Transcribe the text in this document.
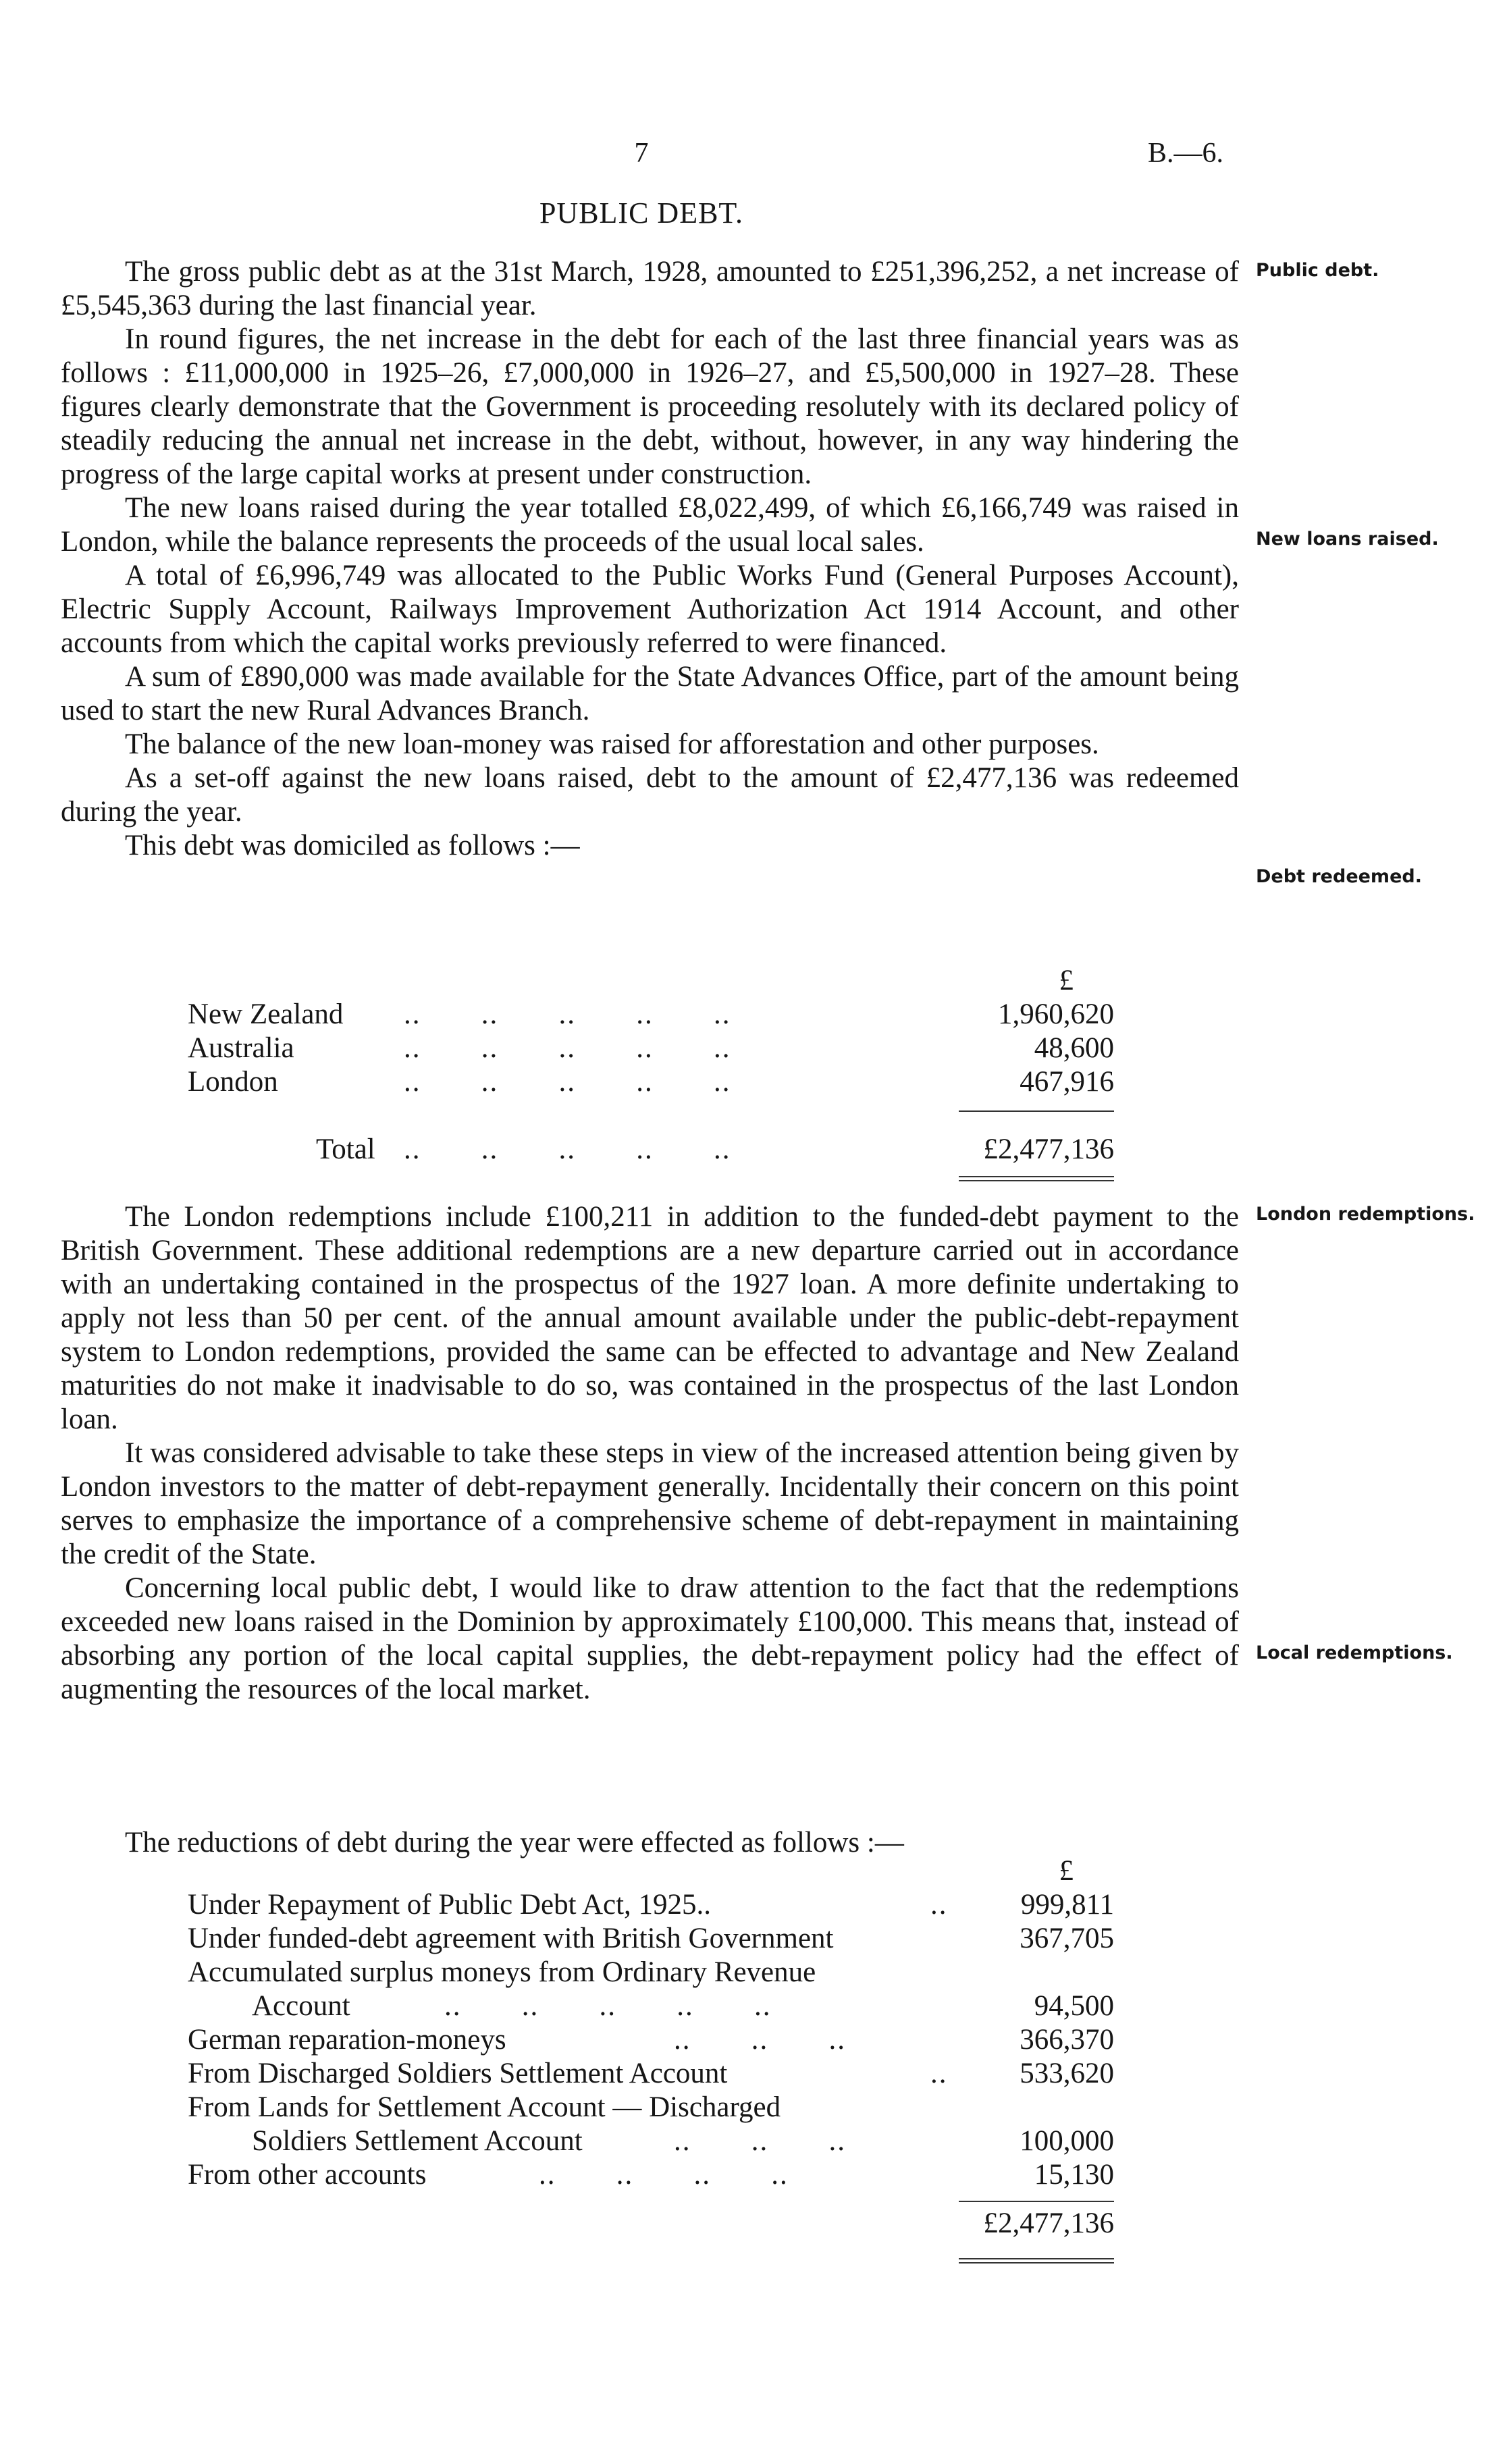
7	B.—6.
PUBLIC DEBT.
Public debt.
New loans raised.
Debt redeemed.
London redemptions.
Local redemptions.

The gross public debt as at the 31st March, 1928, amounted to £251,396,252, a net increase of £5,545,363 during the last financial year.

In round figures, the net increase in the debt for each of the last three financial years was as follows : £11,000,000 in 1925–26, £7,000,000 in 1926–27, and £5,500,000 in 1927–28. These figures clearly demonstrate that the Government is proceeding resolutely with its declared policy of steadily reducing the annual net increase in the debt, without, however, in any way hindering the progress of the large capital works at present under construction.

The new loans raised during the year totalled £8,022,499, of which £6,166,749 was raised in London, while the balance represents the proceeds of the usual local sales.

A total of £6,996,749 was allocated to the Public Works Fund (General Purposes Account), Electric Supply Account, Railways Improvement Authorization Act 1914 Account, and other accounts from which the capital works previously referred to were financed.

A sum of £890,000 was made available for the State Advances Office, part of the amount being used to start the new Rural Advances Branch.

The balance of the new loan-money was raised for afforestation and other purposes.

As a set-off against the new loans raised, debt to the amount of £2,477,136 was redeemed during the year.

This debt was domiciled as follows :—

£
New Zealand ..       ..       ..       ..       ..	1,960,620
Australia	..       ..       ..       ..       ..	48,600
London	..       ..       ..       ..       ..	467,916
Total ..       ..       ..       ..       ..	£2,477,136

The London redemptions include £100,211 in addition to the funded-debt payment to the British Government. These additional redemptions are a new departure carried out in accordance with an undertaking contained in the prospectus of the 1927 loan. A more definite undertaking to apply not less than 50 per cent. of the annual amount available under the public-debt-repayment system to London redemptions, provided the same can be effected to advantage and New Zealand maturities do not make it inadvisable to do so, was contained in the prospectus of the last London loan.

It was considered advisable to take these steps in view of the increased attention being given by London investors to the matter of debt-repayment generally. Incidentally their concern on this point serves to emphasize the importance of a comprehensive scheme of debt-repayment in maintaining the credit of the State.

Concerning local public debt, I would like to draw attention to the fact that the redemptions exceeded new loans raised in the Dominion by approximately £100,000. This means that, instead of absorbing any portion of the local capital supplies, the debt-repayment policy had the effect of augmenting the resources of the local market.

The reductions of debt during the year were effected as follows :—

£
Under Repayment of Public Debt Act, 1925..	..	999,811
Under funded-debt agreement with British Government	367,705
Accumulated surplus moneys from Ordinary Revenue
Account	..       ..       ..       ..       ..	94,500
German reparation-moneys	..       ..       ..	366,370
From Discharged Soldiers Settlement Account	.. 533,620
From Lands for Settlement Account — Discharged
Soldiers Settlement Account	..       ..       ..	100,000
From other accounts	..       ..       ..       ..	15,130
£2,477,136
